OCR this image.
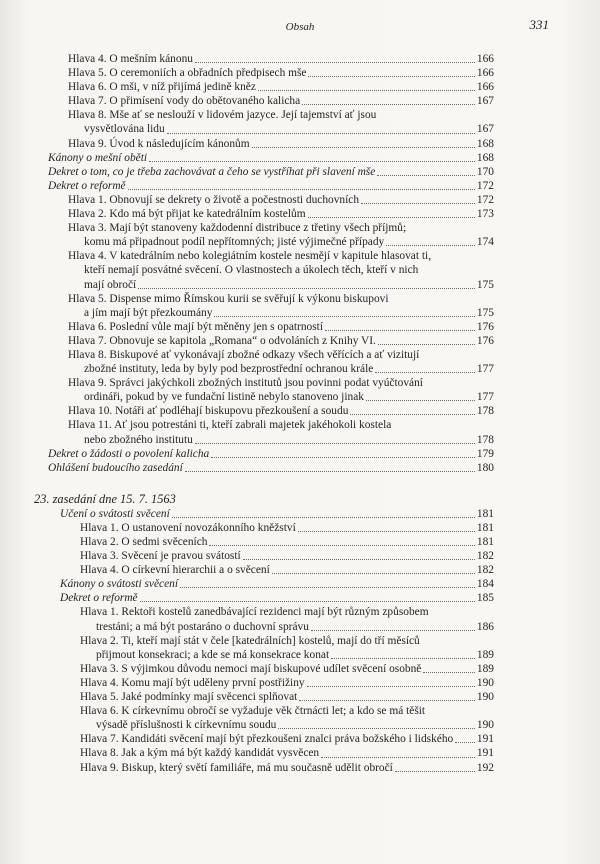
Obsah	331
Hlava 4. O mešním kánonu	166
Hlava 5. O ceremoniích a obřadních předpisech mše	166
Hlava 6. O mši, v níž přijímá jedině kněz	166
Hlava 7. O přimísení vody do obětovaného kalicha	167
Hlava 8. Mše ať se neslouží v lidovém jazyce. Její tajemství ať jsou
vysvětlována lidu	167
Hlava 9. Úvod k následujícím kánonům	168
Kánony o mešní oběti	168
Dekret o tom, co je třeba zachovávat a čeho se vystříhat při slavení mše	170
Dekret o reformě	172
Hlava 1. Obnovují se dekrety o životě a počestnosti duchovních	172
Hlava 2. Kdo má být přijat ke katedrálním kostelům	173
Hlava 3. Mají být stanoveny každodenní distribuce z třetiny všech příjmů;
komu má připadnout podíl nepřítomných; jisté výjimečné případy	174
Hlava 4. V katedrálním nebo kolegiátním kostele nesmějí v kapitule hlasovat ti,
kteří nemají posvátné svěcení. O vlastnostech a úkolech těch, kteří v nich
mají obročí	175
Hlava 5. Dispense mimo Římskou kurii se svěřují k výkonu biskupovi
a jím mají být přezkoumány	175
Hlava 6. Poslední vůle mají být měněny jen s opatrností	176
Hlava 7. Obnovuje se kapitola „Romana“ o odvoláních z Knihy VI.	176
Hlava 8. Biskupové ať vykonávají zbožné odkazy všech věřících a ať vizitují
zbožné instituty, leda by byly pod bezprostřední ochranou krále	177
Hlava 9. Správci jakýchkoli zbožných institutů jsou povinni podat vyúčtování
ordináři, pokud by ve fundační listině nebylo stanoveno jinak	177
Hlava 10. Notáři ať podléhají biskupovu přezkoušení a soudu	178
Hlava 11. Ať jsou potrestáni ti, kteří zabrali majetek jakéhokoli kostela
nebo zbožného institutu	178
Dekret o žádosti o povolení kalicha	179
Ohlášení budoucího zasedání	180
23. zasedání dne 15. 7. 1563
Učení o svátosti svěcení	181
Hlava 1. O ustanovení novozákonního kněžství	181
Hlava 2. O sedmi svěceních	181
Hlava 3. Svěcení je pravou svátostí	182
Hlava 4. O církevní hierarchii a o svěcení	182
Kánony o svátosti svěcení	184
Dekret o reformě	185
Hlava 1. Rektoři kostelů zanedbávající rezidenci mají být různým způsobem
trestáni; a má být postaráno o duchovní správu	186
Hlava 2. Ti, kteří mají stát v čele [katedrálních] kostelů, mají do tří měsíců
přijmout konsekraci; a kde se má konsekrace konat	189
Hlava 3. S výjimkou důvodu nemoci mají biskupové udílet svěcení osobně	189
Hlava 4. Komu mají být uděleny první postřižiny	190
Hlava 5. Jaké podmínky mají svěcenci splňovat	190
Hlava 6. K církevnímu obročí se vyžaduje věk čtrnácti let; a kdo se má těšit
výsadě příslušnosti k církevnímu soudu	190
Hlava 7. Kandidáti svěcení mají být přezkoušeni znalci práva božského i lidského 191
Hlava 8. Jak a kým má být každý kandidát vysvěcen	191
Hlava 9. Biskup, který světí familiáře, má mu současně udělit obročí	192
